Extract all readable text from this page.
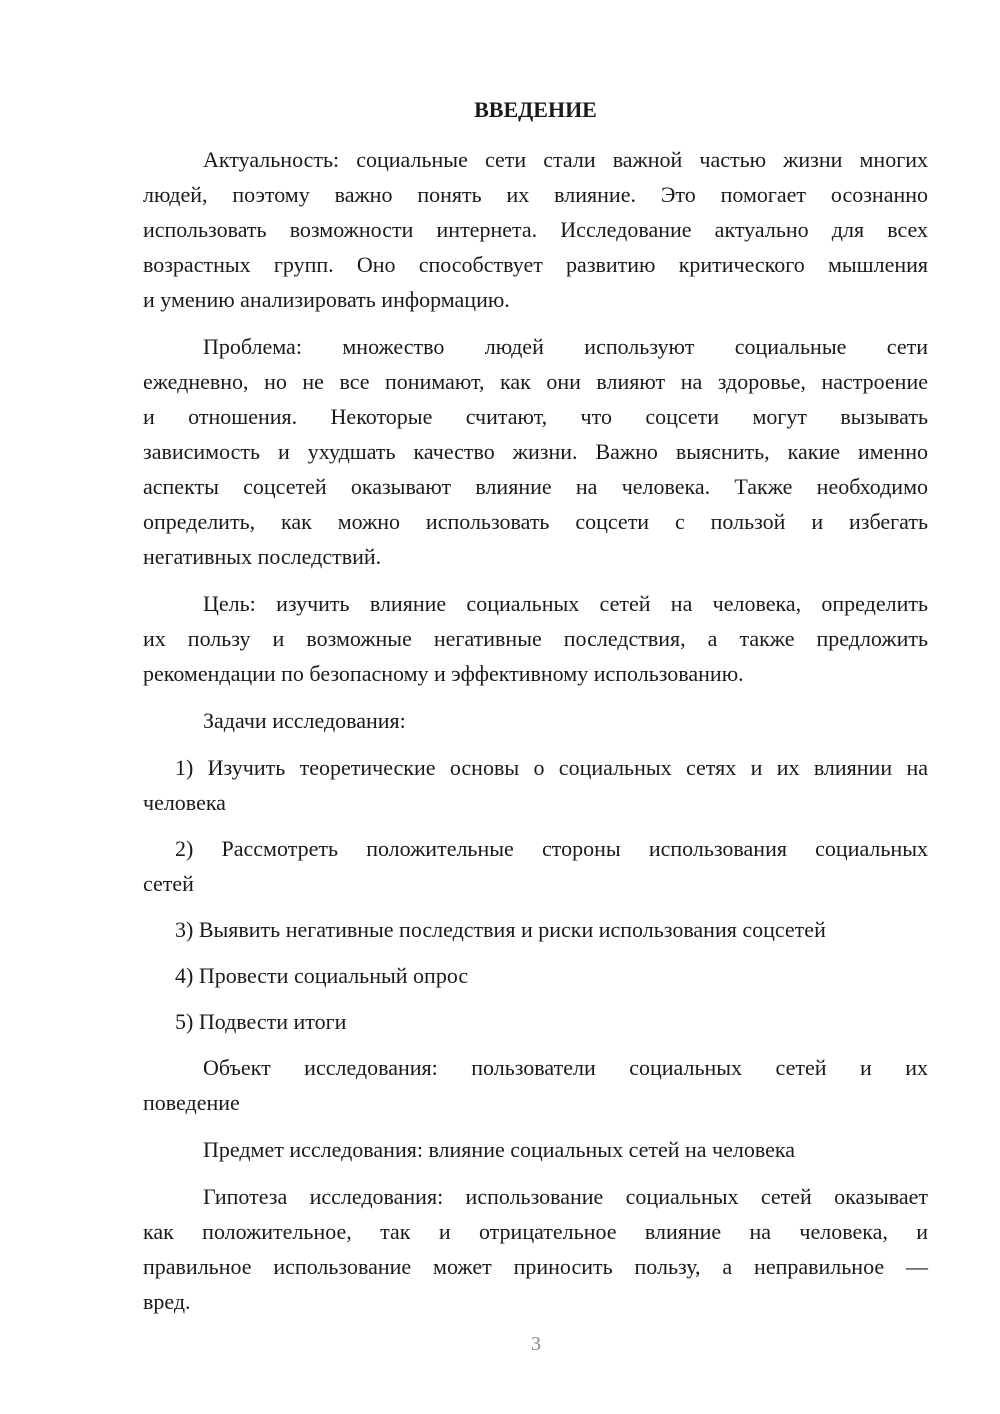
ВВЕДЕНИЕ
Актуальность: социальные сети стали важной частью жизни многих
людей, поэтому важно понять их влияние. Это помогает осознанно
использовать возможности интернета. Исследование актуально для всех
возрастных групп. Оно способствует развитию критического мышления
и умению анализировать информацию.
Проблема: множество людей используют социальные сети
ежедневно, но не все понимают, как они влияют на здоровье, настроение
и отношения. Некоторые считают, что соцсети могут вызывать
зависимость и ухудшать качество жизни. Важно выяснить, какие именно
аспекты соцсетей оказывают влияние на человека. Также необходимо
определить, как можно использовать соцсети с пользой и избегать
негативных последствий.
Цель: изучить влияние социальных сетей на человека, определить
их пользу и возможные негативные последствия, а также предложить
рекомендации по безопасному и эффективному использованию.
Задачи исследования:
1) Изучить теоретические основы о социальных сетях и их влиянии на
человека
2) Рассмотреть положительные стороны использования социальных
сетей
3) Выявить негативные последствия и риски использования соцсетей
4) Провести социальный опрос
5) Подвести итоги
Объект исследования: пользователи социальных сетей и их
поведение
Предмет исследования: влияние социальных сетей на человека
Гипотеза исследования: использование социальных сетей оказывает
как положительное, так и отрицательное влияние на человека, и
правильное использование может приносить пользу, а неправильное —
вред.
3
